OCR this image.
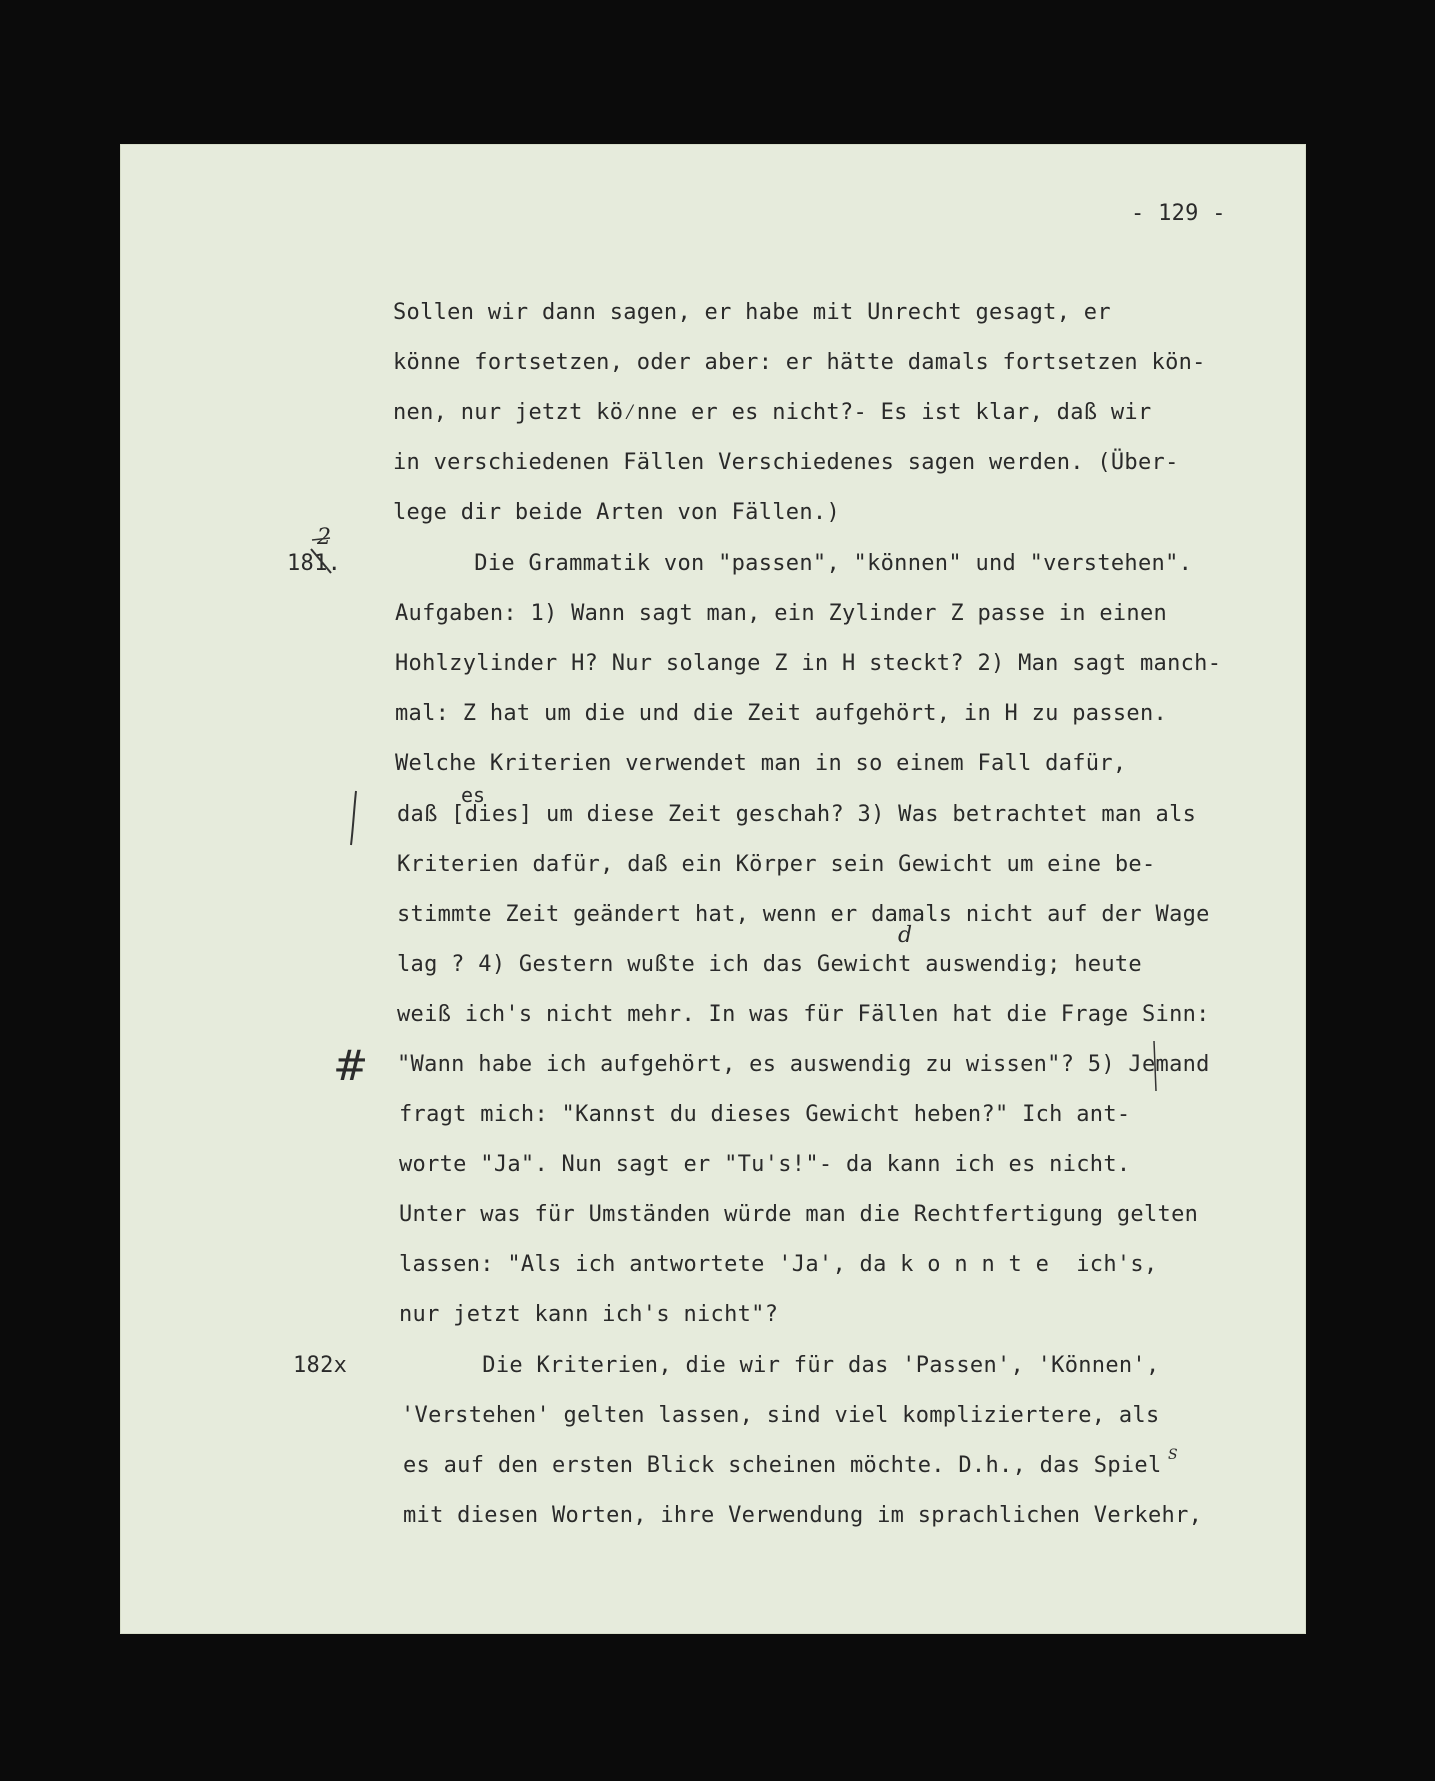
- 129 -
Sollen wir dann sagen, er habe mit Unrecht gesagt, er
könne fortsetzen, oder aber: er hätte damals fortsetzen kön-
nen, nur jetzt kö⁄nne er es nicht?- Es ist klar, daß wir
in verschiedenen Fällen Verschiedenes sagen werden. (Über-
lege dir beide Arten von Fällen.)
181.
2
Die Grammatik von "passen", "können" und "verstehen".
Aufgaben: 1) Wann sagt man, ein Zylinder Z passe in einen
Hohlzylinder H? Nur solange Z in H steckt? 2) Man sagt manch-
mal: Z hat um die und die Zeit aufgehört, in H zu passen.
Welche Kriterien verwendet man in so einem Fall dafür,
es
daß [dies] um diese Zeit geschah? 3) Was betrachtet man als
Kriterien dafür, daß ein Körper sein Gewicht um eine be-
stimmte Zeit geändert hat, wenn er damals nicht auf der Wage
d
lag ? 4) Gestern wußte ich das Gewicht auswendig; heute
weiß ich's nicht mehr. In was für Fällen hat die Frage Sinn:
# "Wann habe ich aufgehört, es auswendig zu wissen"? 5) Jemand
fragt mich: "Kannst du dieses Gewicht heben?" Ich ant-
worte "Ja". Nun sagt er "Tu's!"- da kann ich es nicht.
Unter was für Umständen würde man die Rechtfertigung gelten
lassen: "Als ich antwortete 'Ja', da k o n n t e  ich's,
nur jetzt kann ich's nicht"?
182x Die Kriterien, die wir für das 'Passen', 'Können',
'Verstehen' gelten lassen, sind viel kompliziertere, als
S
es auf den ersten Blick scheinen möchte. D.h., das Spiel
mit diesen Worten, ihre Verwendung im sprachlichen Verkehr,
